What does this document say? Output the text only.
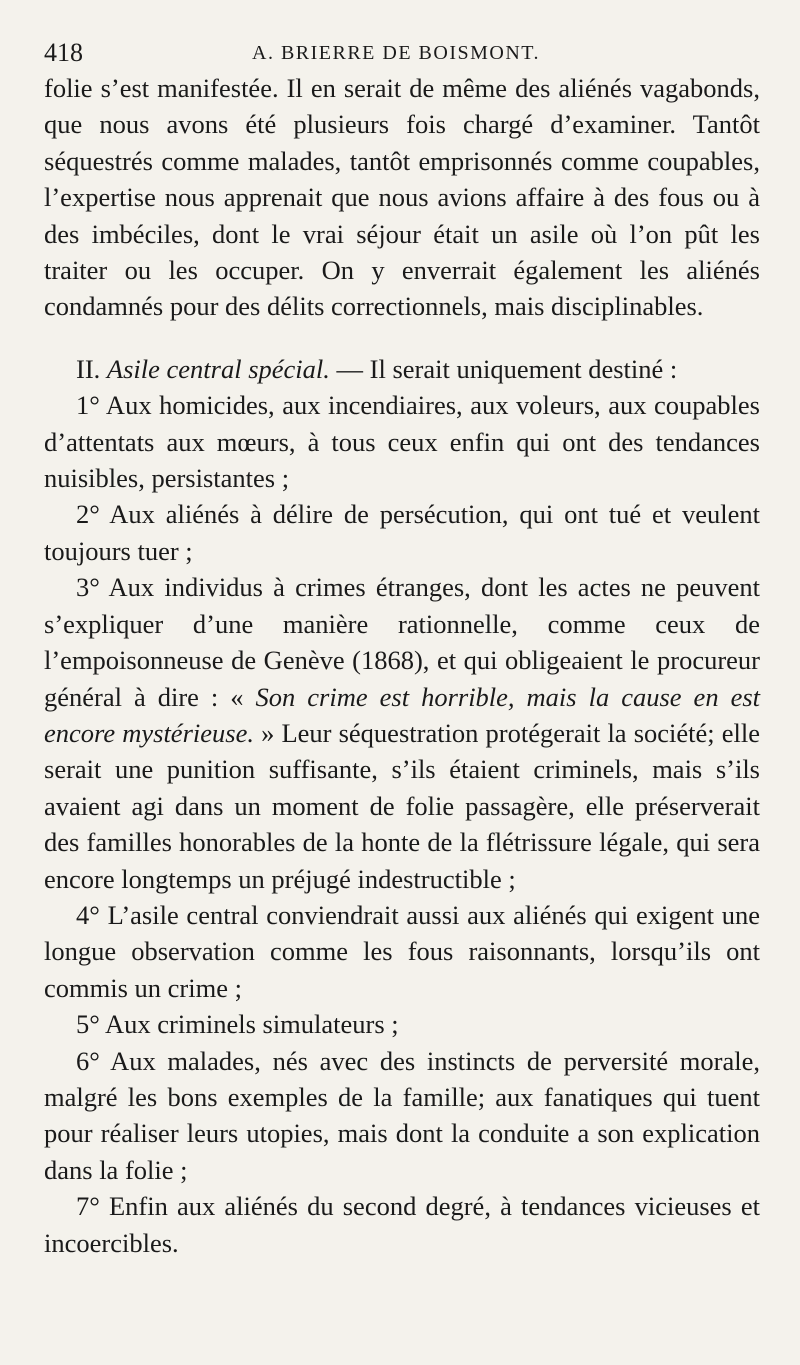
418	A. BRIERRE DE BOISMONT.

folie s’est manifestée. Il en serait de même des aliénés vagabonds, que nous avons été plusieurs fois chargé d’examiner. Tantôt séquestrés comme malades, tantôt emprisonnés comme coupables, l’expertise nous apprenait que nous avions affaire à des fous ou à des imbéciles, dont le vrai séjour était un asile où l’on pût les traiter ou les occuper. On y enverrait également les aliénés condamnés pour des délits correctionnels, mais disciplinables.

II. Asile central spécial. — Il serait uniquement destiné :

1° Aux homicides, aux incendiaires, aux voleurs, aux coupables d’attentats aux mœurs, à tous ceux enfin qui ont des tendances nuisibles, persistantes ;

2° Aux aliénés à délire de persécution, qui ont tué et veulent toujours tuer ;

3° Aux individus à crimes étranges, dont les actes ne peuvent s’expliquer d’une manière rationnelle, comme ceux de l’empoisonneuse de Genève (1868), et qui obligeaient le procureur général à dire : « Son crime est horrible, mais la cause en est encore mystérieuse. » Leur séquestration protégerait la société; elle serait une punition suffisante, s’ils étaient criminels, mais s’ils avaient agi dans un moment de folie passagère, elle préserverait des familles honorables de la honte de la flétrissure légale, qui sera encore longtemps un préjugé indestructible ;

4° L’asile central conviendrait aussi aux aliénés qui exigent une longue observation comme les fous raisonnants, lorsqu’ils ont commis un crime ;

5° Aux criminels simulateurs ;

6° Aux malades, nés avec des instincts de perversité morale, malgré les bons exemples de la famille; aux fanatiques qui tuent pour réaliser leurs utopies, mais dont la conduite a son explication dans la folie ;

7° Enfin aux aliénés du second degré, à tendances vicieuses et incoercibles.
